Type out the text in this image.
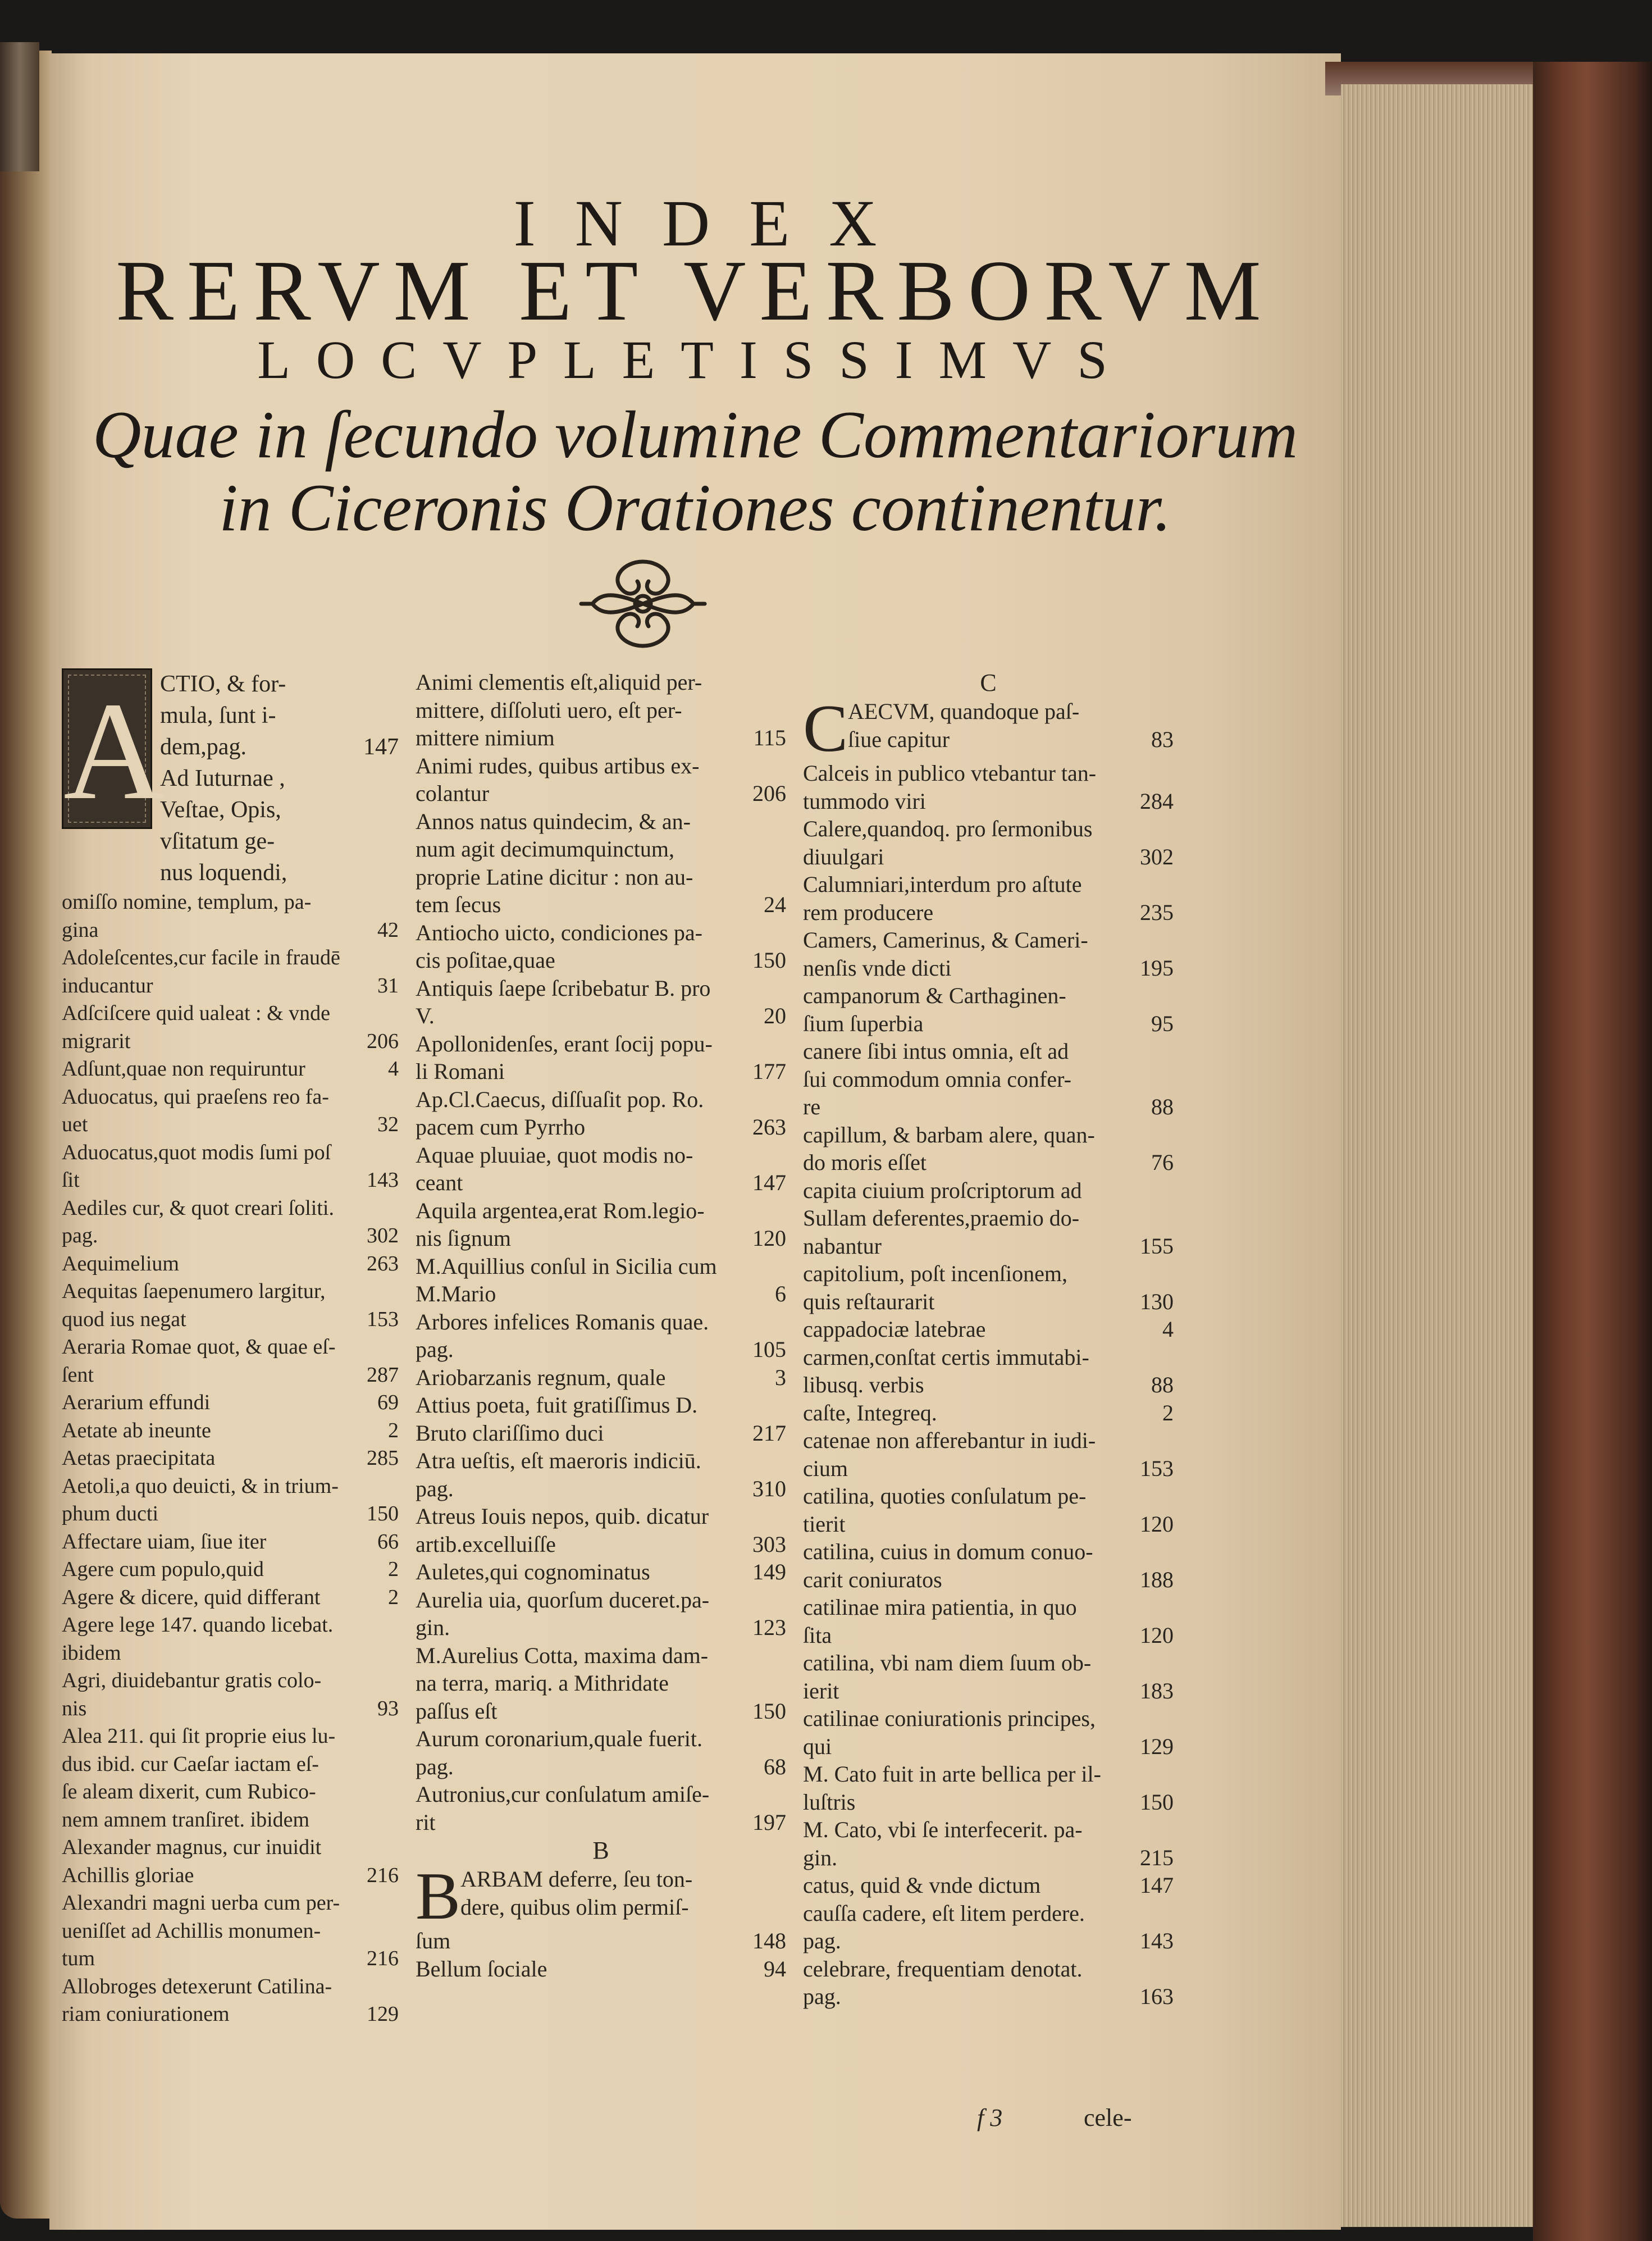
INDEX
RERVM ET VERBORVM
LOCVPLETISSIMVS
Quae in ſecundo volumine Commentariorum
in Ciceronis Orationes continentur.
A
CTIO, & for-
mula, ſunt i-
dem,pag.	147
Ad Iuturnae ,
Veſtae, Opis,
vſitatum ge-
nus loquendi,
omiſſo nomine, templum, pa-
gina	42
Adoleſcentes,cur facile in fraudē
inducantur	31
Adſciſcere quid ualeat : & vnde
migrarit	206
Adſunt,quae non requiruntur	4
Aduocatus, qui praeſens reo fa-
uet	32
Aduocatus,quot modis ſumi poſ
ſit	143
Aediles cur, & quot creari ſoliti.
pag.	302
Aequimelium	263
Aequitas ſaepenumero largitur,
quod ius negat	153
Aeraria Romae quot, & quae eſ-
ſent	287
Aerarium effundi	69
Aetate ab ineunte	2
Aetas praecipitata	285
Aetoli,a quo deuicti, & in trium-
phum ducti	150
Affectare uiam, ſiue iter	66
Agere cum populo,quid	2
Agere & dicere, quid differant	2
Agere lege 147. quando licebat.
ibidem
Agri, diuidebantur gratis colo-
nis	93
Alea 211. qui ſit proprie eius lu-
dus ibid. cur Caeſar iactam eſ-
ſe aleam dixerit, cum Rubico-
nem amnem tranſiret. ibidem
Alexander magnus, cur inuidit
Achillis gloriae	216
Alexandri magni uerba cum per-
ueniſſet ad Achillis monumen-
tum	216
Allobroges detexerunt Catilina-
riam coniurationem	129
Animi clementis eſt,aliquid per-
mittere, diſſoluti uero, eſt per-
mittere nimium	115
Animi rudes, quibus artibus ex-
colantur	206
Annos natus quindecim, & an-
num agit decimumquinctum,
proprie Latine dicitur : non au-
tem ſecus	24
Antiocho uicto, condiciones pa-
cis poſitae,quae	150
Antiquis ſaepe ſcribebatur B. pro
V.	20
Apollonidenſes, erant ſocij popu-
li Romani	177
Ap.Cl.Caecus, diſſuaſit pop. Ro.
pacem cum Pyrrho	263
Aquae pluuiae, quot modis no-
ceant	147
Aquila argentea,erat Rom.legio-
nis ſignum	120
M.Aquillius conſul in Sicilia cum
M.Mario	6
Arbores infelices Romanis quae.
pag.	105
Ariobarzanis regnum, quale	3
Attius poeta, fuit gratiſſimus D.
Bruto clariſſimo duci	217
Atra ueſtis, eſt maeroris indiciū.
pag.	310
Atreus Iouis nepos, quib. dicatur
artib.excelluiſſe	303
Auletes,qui cognominatus	149
Aurelia uia, quorſum duceret.pa-
gin.	123
M.Aurelius Cotta, maxima dam-
na terra, mariq. a Mithridate
paſſus eſt	150
Aurum coronarium,quale fuerit.
pag.	68
Autronius,cur conſulatum amiſe-
rit	197
B
B ARBAM deferre, ſeu ton-
dere, quibus olim permiſ-
ſum	148
Bellum ſociale	94
C
C AECVM, quandoque paſ-
ſiue capitur	83
Calceis in publico vtebantur tan-
tummodo viri	284
Calere,quandoq. pro ſermonibus
diuulgari	302
Calumniari,interdum pro aſtute
rem producere	235
Camers, Camerinus, & Cameri-
nenſis vnde dicti	195
campanorum & Carthaginen-
ſium ſuperbia	95
canere ſibi intus omnia, eſt ad
ſui commodum omnia confer-
re	88
capillum, & barbam alere, quan-
do moris eſſet	76
capita ciuium proſcriptorum ad
Sullam deferentes,praemio do-
nabantur	155
capitolium, poſt incenſionem,
quis reſtaurarit	130
cappadociæ latebrae	4
carmen,conſtat certis immutabi-
libusq. verbis	88
caſte, Integreq.	2
catenae non afferebantur in iudi-
cium	153
catilina, quoties conſulatum pe-
tierit	120
catilina, cuius in domum conuo-
carit coniuratos	188
catilinae mira patientia, in quo
ſita	120
catilina, vbi nam diem ſuum ob-
ierit	183
catilinae coniurationis principes,
qui	129
M. Cato fuit in arte bellica per il-
luſtris	150
M. Cato, vbi ſe interfecerit. pa-
gin.	215
catus, quid & vnde dictum	147
cauſſa cadere, eſt litem perdere.
pag.	143
celebrare, frequentiam denotat.
pag.	163
f 3	cele-
